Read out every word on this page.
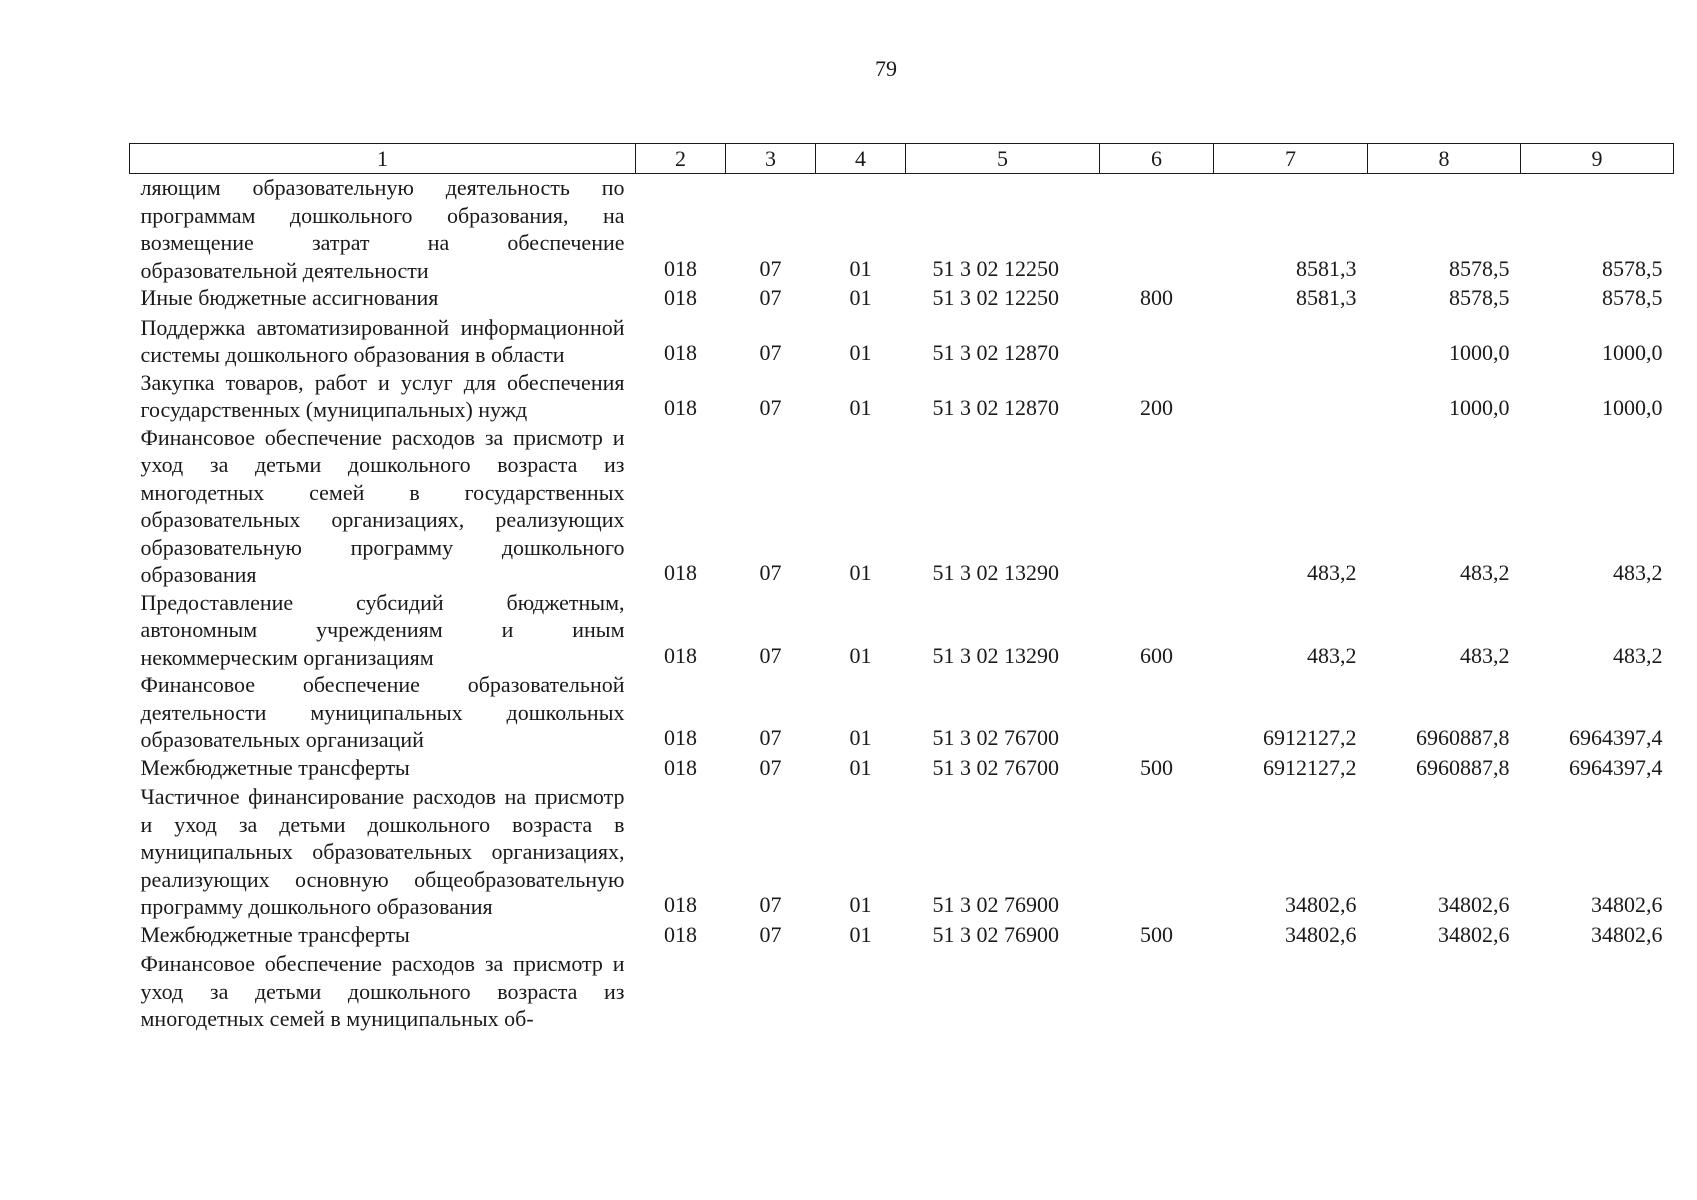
79
1	2	3	4	5	6	7	8	9
ляющим образовательную деятельность по программам дошкольного образования, на возмещение затрат на обеспечение образовательной деятельности	018	07	01	51 3 02 12250		8581,3	8578,5	8578,5
Иные бюджетные ассигнования	018	07	01	51 3 02 12250	800	8581,3	8578,5	8578,5
Поддержка автоматизированной информационной системы дошкольного образования в области	018	07	01	51 3 02 12870			1000,0	1000,0
Закупка товаров, работ и услуг для обеспечения государственных (муниципальных) нужд	018	07	01	51 3 02 12870	200		1000,0	1000,0
Финансовое обеспечение расходов за присмотр и уход за детьми дошкольного возраста из многодетных семей в государственных образовательных организациях, реализующих образовательную программу дошкольного образования	018	07	01	51 3 02 13290		483,2	483,2	483,2
Предоставление субсидий бюджетным, автономным учреждениям и иным некоммерческим организациям	018	07	01	51 3 02 13290	600	483,2	483,2	483,2
Финансовое обеспечение образовательной деятельности муниципальных дошкольных образовательных организаций	018	07	01	51 3 02 76700		6912127,2	6960887,8	6964397,4
Межбюджетные трансферты	018	07	01	51 3 02 76700	500	6912127,2	6960887,8	6964397,4
Частичное финансирование расходов на присмотр и уход за детьми дошкольного возраста в муниципальных образовательных организациях, реализующих основную общеобразовательную программу дошкольного образования	018	07	01	51 3 02 76900		34802,6	34802,6	34802,6
Межбюджетные трансферты	018	07	01	51 3 02 76900	500	34802,6	34802,6	34802,6
Финансовое обеспечение расходов за присмотр и уход за детьми дошкольного возраста из многодетных семей в муниципальных об-								
